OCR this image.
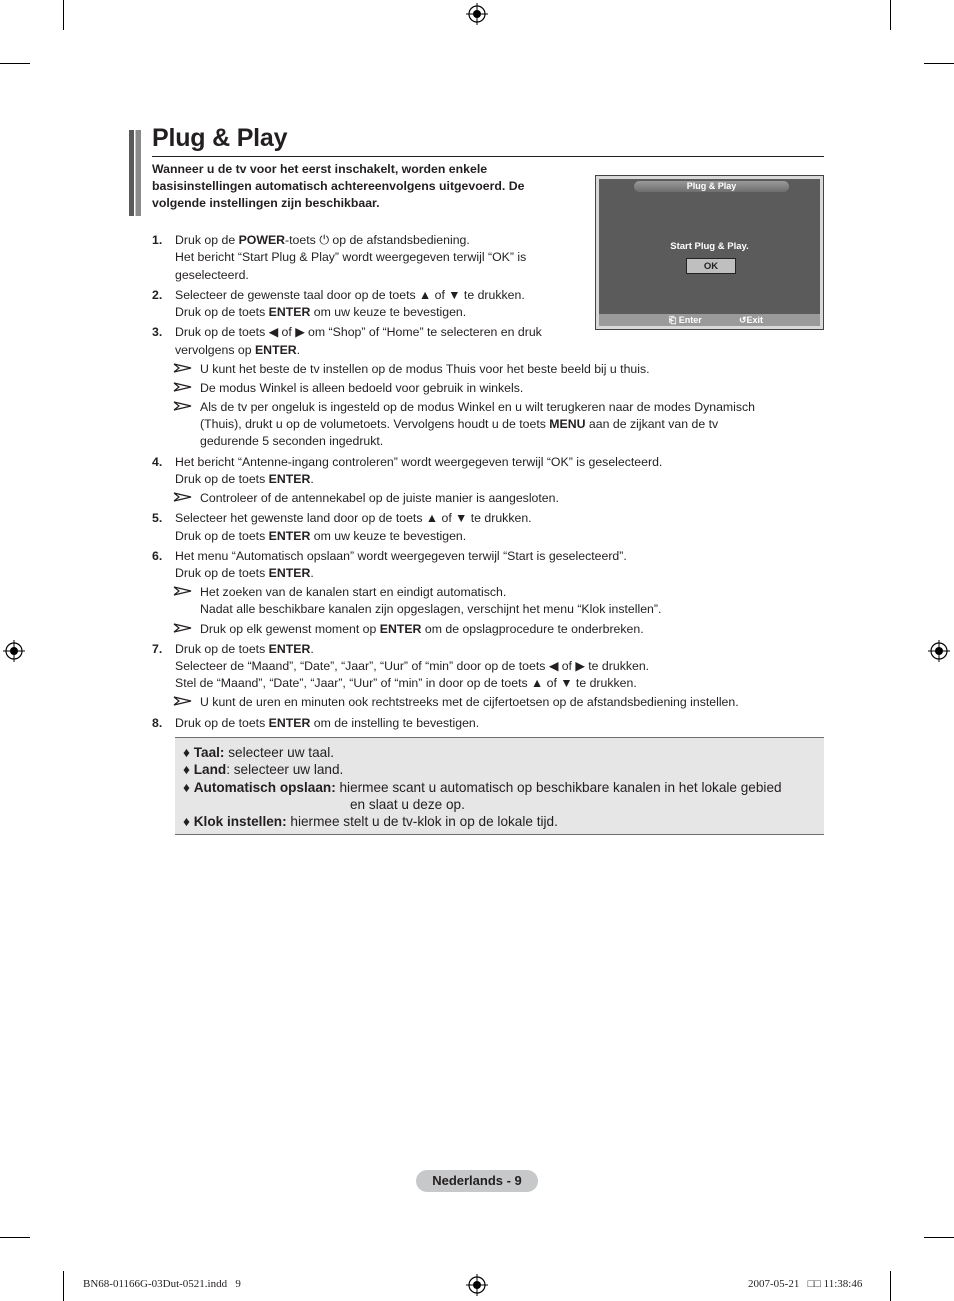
Plug & Play
Wanneer u de tv voor het eerst inschakelt, worden enkele basisinstellingen automatisch achtereenvolgens uitgevoerd. De volgende instellingen zijn beschikbaar.
Plug & Play
Start Plug & Play.
OK
⎗ Enter	↺Exit
1. Druk op de POWER-toets ⏻ op de afstandsbediening.
Het bericht “Start Plug & Play” wordt weergegeven terwijl “OK” is
geselecteerd.
2. Selecteer de gewenste taal door op de toets ▲ of ▼ te drukken.
Druk op de toets ENTER om uw keuze te bevestigen.
3. Druk op de toets ◀ of ▶ om “Shop” of “Home” te selecteren en druk
vervolgens op ENTER.
U kunt het beste de tv instellen op de modus Thuis voor het beste beeld bij u thuis.
De modus Winkel is alleen bedoeld voor gebruik in winkels.
Als de tv per ongeluk is ingesteld op de modus Winkel en u wilt terugkeren naar de modes Dynamisch
(Thuis), drukt u op de volumetoets. Vervolgens houdt u de toets MENU aan de zijkant van de tv
gedurende 5 seconden ingedrukt.
4. Het bericht “Antenne-ingang controleren” wordt weergegeven terwijl “OK” is geselecteerd.
Druk op de toets ENTER.
Controleer of de antennekabel op de juiste manier is aangesloten.
5. Selecteer het gewenste land door op de toets ▲ of ▼ te drukken.
Druk op de toets ENTER om uw keuze te bevestigen.
6. Het menu “Automatisch opslaan” wordt weergegeven terwijl “Start is geselecteerd”.
Druk op de toets ENTER.
Het zoeken van de kanalen start en eindigt automatisch.
Nadat alle beschikbare kanalen zijn opgeslagen, verschijnt het menu “Klok instellen”.
Druk op elk gewenst moment op ENTER om de opslagprocedure te onderbreken.
7. Druk op de toets ENTER.
Selecteer de “Maand”, “Date”, “Jaar”, “Uur” of “min” door op de toets ◀ of ▶ te drukken.
Stel de “Maand”, “Date”, “Jaar”, “Uur” of “min” in door op de toets ▲ of ▼ te drukken.
U kunt de uren en minuten ook rechtstreeks met de cijfertoetsen op de afstandsbediening instellen.
8. Druk op de toets ENTER om de instelling te bevestigen.
♦ Taal: selecteer uw taal.
♦ Land: selecteer uw land.
♦ Automatisch opslaan: hiermee scant u automatisch op beschikbare kanalen in het lokale gebied
en slaat u deze op.
♦ Klok instellen: hiermee stelt u de tv-klok in op de lokale tijd.
Nederlands - 9
BN68-01166G-03Dut-0521.indd   9	2007-05-21   □□ 11:38:46
